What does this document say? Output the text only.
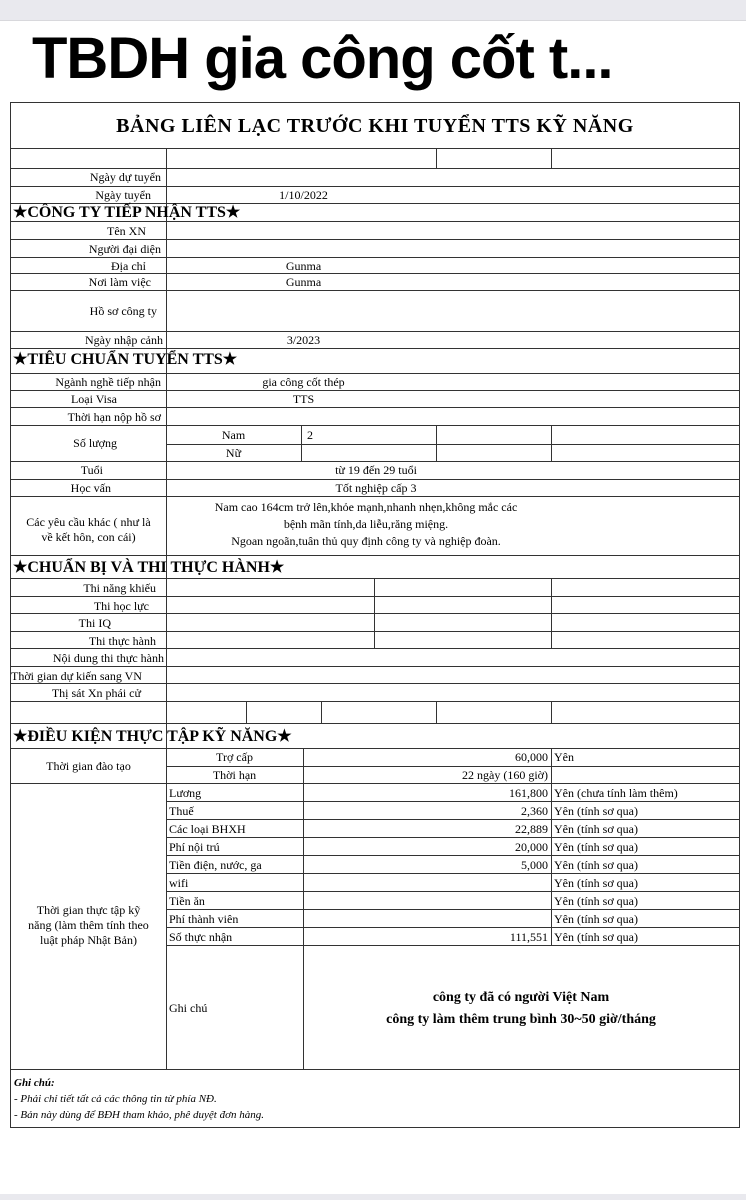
TBDH gia công cốt t...
BẢNG LIÊN LẠC TRƯỚC KHI TUYỂN TTS KỸ NĂNG
Ngày dự tuyển
Ngày tuyển	1/10/2022
★CÔNG TY TIẾP NHẬN TTS★
Tên XN
Người đại diện
Địa chỉ	Gunma
Nơi làm việc	Gunma
Hồ sơ công ty
Ngày nhập cảnh	3/2023
★TIÊU CHUẨN TUYỂN TTS★
Ngành nghề tiếp nhận	gia công cốt thép
Loại Visa	TTS
Thời hạn nộp hồ sơ
Số lượng
Nam	2
Nữ
Tuổi	từ 19 đến 29 tuổi
Học vấn	Tốt nghiệp cấp 3
Các yêu cầu khác ( như là
về kết hôn, con cái)
Nam cao 164cm trở lên,khỏe mạnh,nhanh nhẹn,không mắc các
bệnh mãn tính,da liễu,răng miệng.
Ngoan ngoãn,tuân thủ quy định công ty và nghiệp đoàn.
★CHUẨN BỊ VÀ THI THỰC HÀNH★
Thi năng khiếu
Thi học lực
Thi IQ
Thi thực hành
Nội dung thi thực hành
Thời gian dự kiến sang VN
Thị sát Xn phái cử
★ĐIỀU KIỆN THỰC TẬP KỸ NĂNG★
Thời gian đào tạo
Trợ cấp	60,000 Yên
Thời hạn	22 ngày (160 giờ)
Thời gian thực tập kỹ
năng (làm thêm tính theo
luật pháp Nhật Bản)
Lương	161,800 Yên (chưa tính làm thêm)
Thuế	2,360 Yên (tính sơ qua)
Các loại BHXH	22,889 Yên (tính sơ qua)
Phí nội trú	20,000 Yên (tính sơ qua)
Tiền điện, nước, ga	5,000 Yên (tính sơ qua)
wifi	Yên (tính sơ qua)
Tiền ăn	Yên (tính sơ qua)
Phí thành viên	Yên (tính sơ qua)
Số thực nhận	111,551 Yên (tính sơ qua)
Ghi chú
công ty đã có người Việt Nam
công ty làm thêm trung bình 30~50 giờ/tháng
Ghi chú:
- Phải chỉ tiết tất cả các thông tin từ phía NĐ.
- Bản này dùng để BĐH tham khảo, phê duyệt đơn hàng.
